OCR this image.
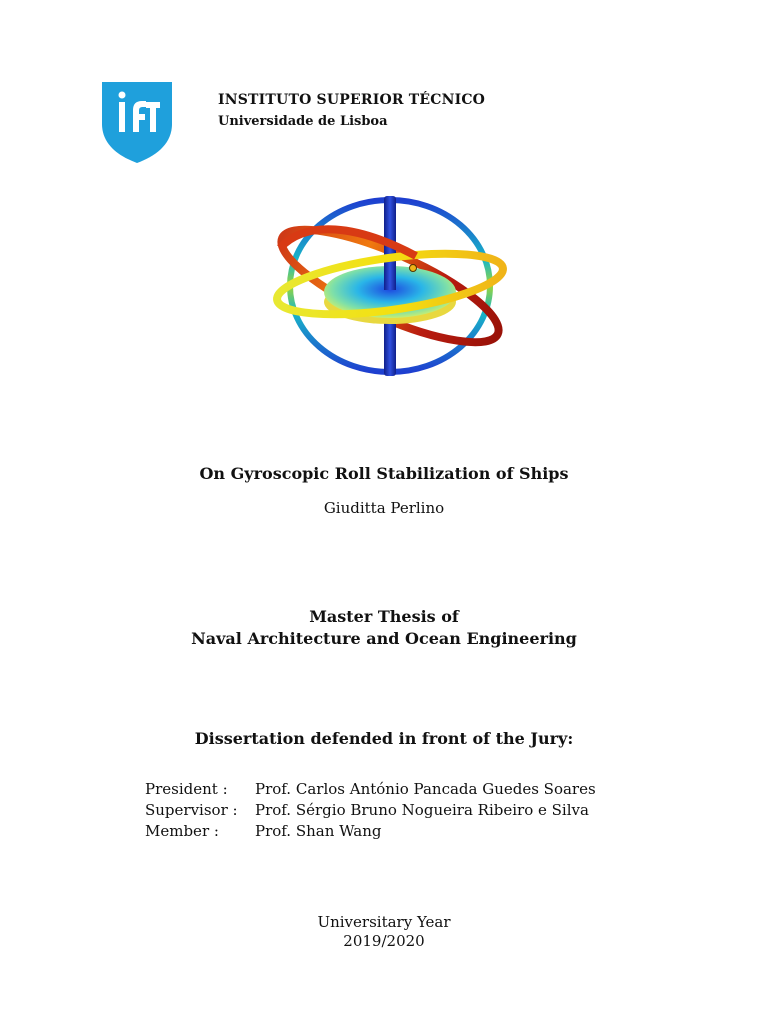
INSTITUTO SUPERIOR TÉCNICO
Universidade de Lisboa
On Gyroscopic Roll Stabilization of Ships
Giuditta Perlino
Master Thesis of
Naval Architecture and Ocean Engineering
Dissertation defended in front of the Jury:
President :	Prof. Carlos António Pancada Guedes Soares
Supervisor :	Prof. Sérgio Bruno Nogueira Ribeiro e Silva
Member :	Prof. Shan Wang
Universitary Year
2019/2020
